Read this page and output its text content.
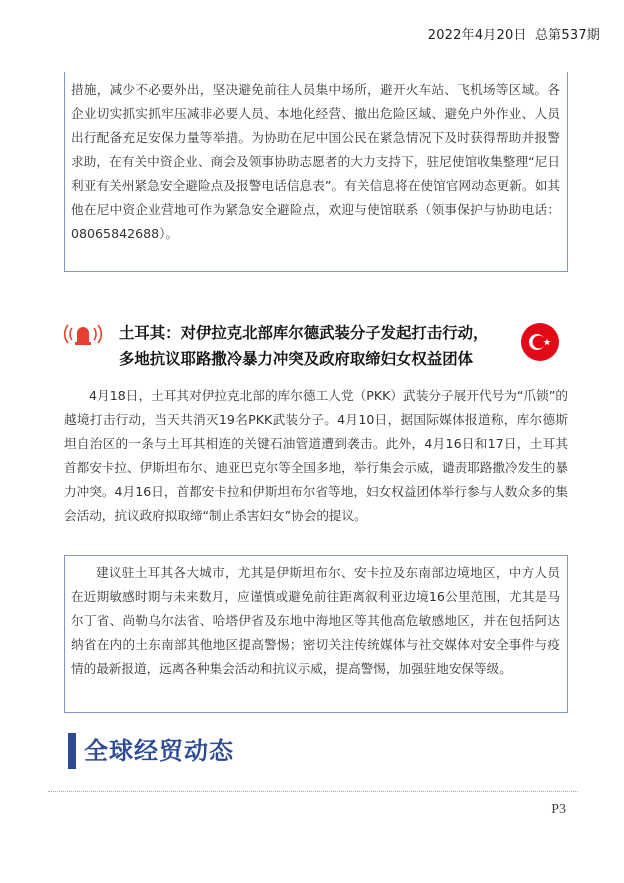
2022年4月20日 总第537期

措施，减少不必要外出，坚决避免前往人员集中场所，避开火车站、飞机场等区域。各企业切实抓实抓牢压减非必要人员、本地化经营、撤出危险区域、避免户外作业、人员出行配备充足安保力量等举措。为协助在尼中国公民在紧急情况下及时获得帮助并报警求助，在有关中资企业、商会及领事协助志愿者的大力支持下，驻尼使馆收集整理“尼日利亚有关州紧急安全避险点及报警电话信息表”。有关信息将在使馆官网动态更新。如其他在尼中资企业营地可作为紧急安全避险点，欢迎与使馆联系（领事保护与协助电话：08065842688）。

土耳其：对伊拉克北部库尔德武装分子发起打击行动，
多地抗议耶路撒冷暴力冲突及政府取缔妇女权益团体

4月18日，土耳其对伊拉克北部的库尔德工人党（PKK）武装分子展开代号为“爪锁”的越境打击行动，当天共消灭19名PKK武装分子。4月10日，据国际媒体报道称，库尔德斯坦自治区的一条与土耳其相连的关键石油管道遭到袭击。此外，4月16日和17日，土耳其首都安卡拉、伊斯坦布尔、迪亚巴克尔等全国多地，举行集会示威，谴责耶路撒冷发生的暴力冲突。4月16日，首都安卡拉和伊斯坦布尔省等地，妇女权益团体举行参与人数众多的集会活动，抗议政府拟取缔“制止杀害妇女”协会的提议。

建议驻土耳其各大城市，尤其是伊斯坦布尔、安卡拉及东南部边境地区，中方人员在近期敏感时期与未来数月，应谨慎或避免前往距离叙利亚边境16公里范围，尤其是马尔丁省、尚勒乌尔法省、哈塔伊省及东地中海地区等其他高危敏感地区，并在包括阿达纳省在内的土东南部其他地区提高警惕；密切关注传统媒体与社交媒体对安全事件与疫情的最新报道，远离各种集会活动和抗议示威，提高警惕，加强驻地安保等级。

全球经贸动态
P3
